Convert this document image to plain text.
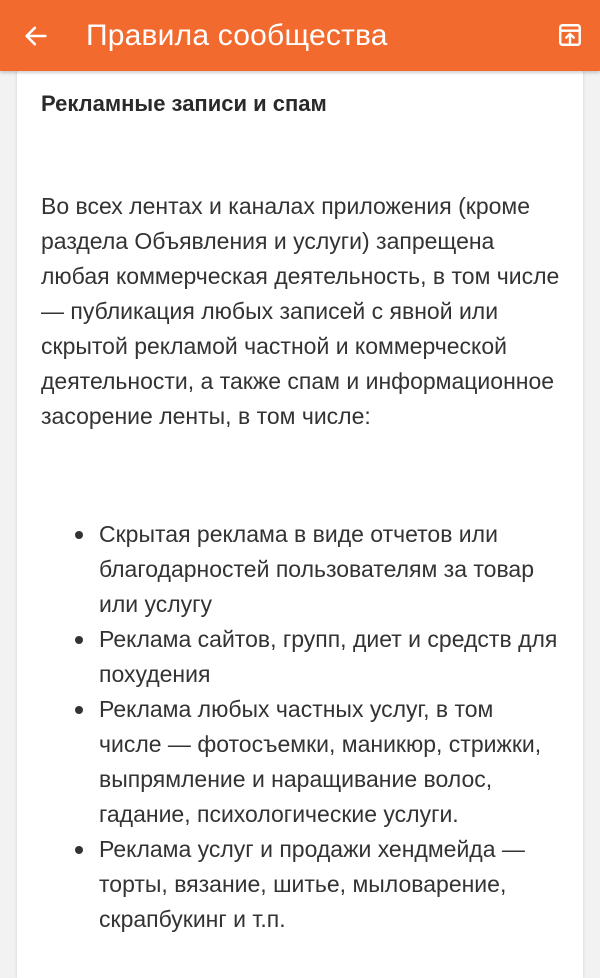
Правила сообщества
Рекламные записи и спам

Во всех лентах и каналах приложения (кроме раздела Объявления и услуги) запрещена любая коммерческая деятельность, в том числе — публикация любых записей с явной или скрытой рекламой частной и коммерческой деятельности, а также спам и информационное засорение ленты, в том числе:

Скрытая реклама в виде отчетов или благодарностей пользователям за товар или услугу
Реклама сайтов, групп, диет и средств для похудения
Реклама любых частных услуг, в том числе — фотосъемки, маникюр, стрижки, выпрямление и наращивание волос, гадание, психологические услуги.
Реклама услуг и продажи хендмейда — торты, вязание, шитье, мыловарение, скрапбукинг и т.п.
